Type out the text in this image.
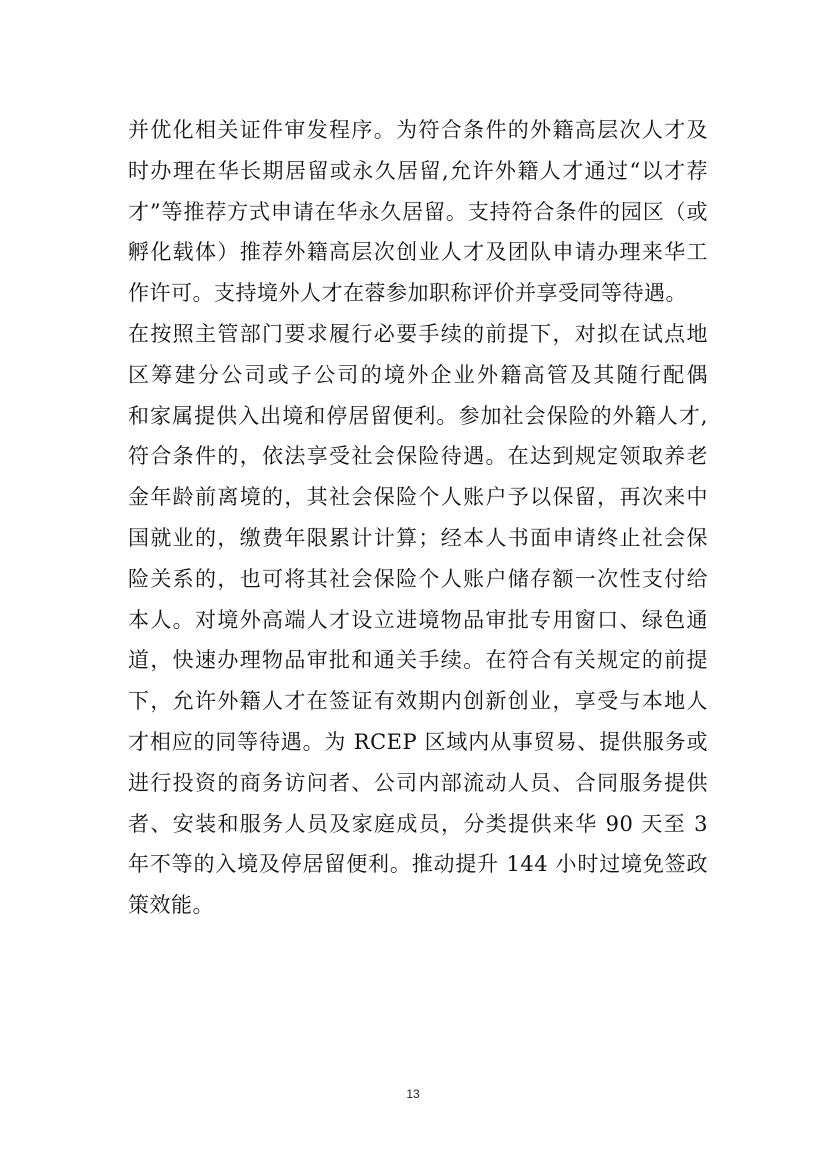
并优化相关证件审发程序。为符合条件的外籍高层次人才及
时办理在华长期居留或永久居留,允许外籍人才通过“以才荐
才”等推荐方式申请在华永久居留。支持符合条件的园区（或
孵化载体）推荐外籍高层次创业人才及团队申请办理来华工
作许可。支持境外人才在蓉参加职称评价并享受同等待遇。
在按照主管部门要求履行必要手续的前提下，对拟在试点地
区筹建分公司或子公司的境外企业外籍高管及其随行配偶
和家属提供入出境和停居留便利。参加社会保险的外籍人才,
符合条件的，依法享受社会保险待遇。在达到规定领取养老
金年龄前离境的，其社会保险个人账户予以保留，再次来中
国就业的，缴费年限累计计算；经本人书面申请终止社会保
险关系的，也可将其社会保险个人账户储存额一次性支付给
本人。对境外高端人才设立进境物品审批专用窗口、绿色通
道，快速办理物品审批和通关手续。在符合有关规定的前提
下，允许外籍人才在签证有效期内创新创业，享受与本地人
才相应的同等待遇。为 RCEP 区域内从事贸易、提供服务或
进行投资的商务访问者、公司内部流动人员、合同服务提供
者、安装和服务人员及家庭成员，分类提供来华 90 天至 3
年不等的入境及停居留便利。推动提升 144 小时过境免签政
策效能。
13
